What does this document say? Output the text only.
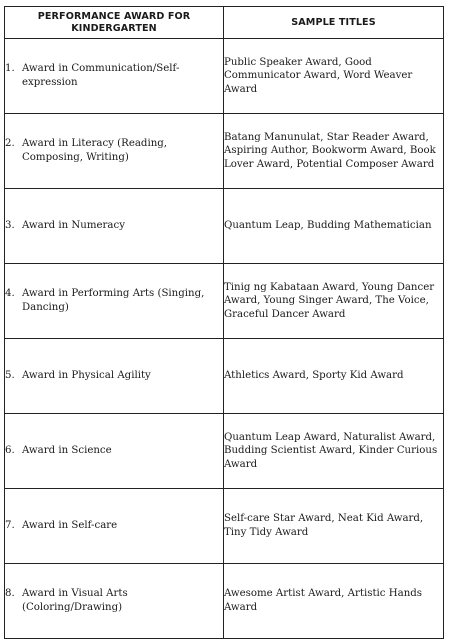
PERFORMANCE AWARD FOR KINDERGARTEN	SAMPLE TITLES

1. Award in Communication/Self-expression	Public Speaker Award, Good Communicator Award, Word Weaver Award

2. Award in Literacy (Reading, Composing, Writing)	Batang Manunulat, Star Reader Award, Aspiring Author, Bookworm Award, Book Lover Award, Potential Composer Award

3. Award in Numeracy	Quantum Leap, Budding Mathematician

4. Award in Performing Arts (Singing, Dancing)	Tinig ng Kabataan Award, Young Dancer Award, Young Singer Award, The Voice, Graceful Dancer Award

5. Award in Physical Agility	Athletics Award, Sporty Kid Award

6. Award in Science	Quantum Leap Award, Naturalist Award, Budding Scientist Award, Kinder Curious Award

7. Award in Self-care	Self-care Star Award, Neat Kid Award, Tiny Tidy Award

8. Award in Visual Arts (Coloring/Drawing)	Awesome Artist Award, Artistic Hands Award
